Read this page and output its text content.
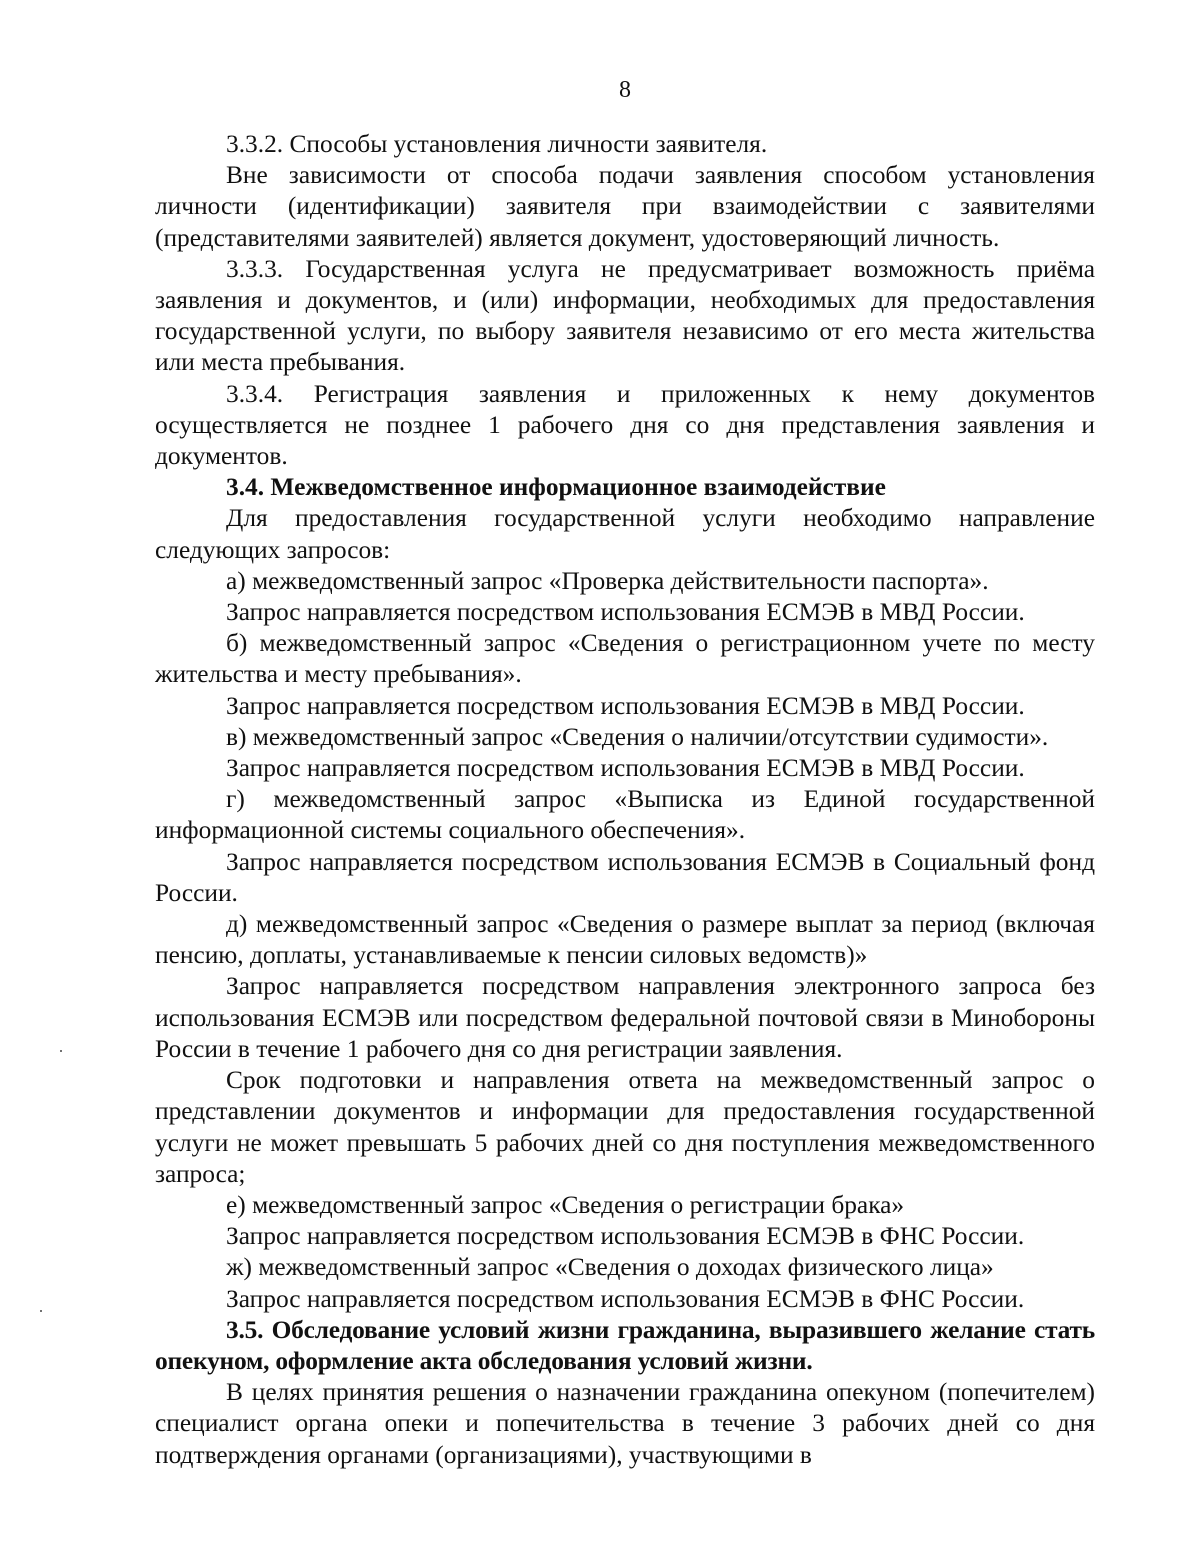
8

3.3.2. Способы установления личности заявителя.

Вне зависимости от способа подачи заявления способом установления личности (идентификации) заявителя при взаимодействии с заявителями (представителями заявителей) является документ, удостоверяющий личность.

3.3.3. Государственная услуга не предусматривает возможность приёма заявления и документов, и (или) информации, необходимых для предоставления государственной услуги, по выбору заявителя независимо от его места жительства или места пребывания.

3.3.4. Регистрация заявления и приложенных к нему документов осуществляется не позднее 1 рабочего дня со дня представления заявления и документов.

3.4. Межведомственное информационное взаимодействие

Для предоставления государственной услуги необходимо направление следующих запросов:

а) межведомственный запрос «Проверка действительности паспорта».

Запрос направляется посредством использования ЕСМЭВ в МВД России.

б) межведомственный запрос «Сведения о регистрационном учете по месту жительства и месту пребывания».

Запрос направляется посредством использования ЕСМЭВ в МВД России.

в) межведомственный запрос «Сведения о наличии/отсутствии судимости».

Запрос направляется посредством использования ЕСМЭВ в МВД России.

г) межведомственный запрос «Выписка из Единой государственной информационной системы социального обеспечения».

Запрос направляется посредством использования ЕСМЭВ в Социальный фонд России.

д) межведомственный запрос «Сведения о размере выплат за период (включая пенсию, доплаты, устанавливаемые к пенсии силовых ведомств)»

Запрос направляется посредством направления электронного запроса без использования ЕСМЭВ или посредством федеральной почтовой связи в Минобороны России в течение 1 рабочего дня со дня регистрации заявления.

Срок подготовки и направления ответа на межведомственный запрос о представлении документов и информации для предоставления государственной услуги не может превышать 5 рабочих дней со дня поступления межведомственного запроса;

е) межведомственный запрос «Сведения о регистрации брака»

Запрос направляется посредством использования ЕСМЭВ в ФНС России.

ж) межведомственный запрос «Сведения о доходах физического лица»

Запрос направляется посредством использования ЕСМЭВ в ФНС России.

3.5. Обследование условий жизни гражданина, выразившего желание стать опекуном, оформление акта обследования условий жизни.

В целях принятия решения о назначении гражданина опекуном (попечителем) специалист органа опеки и попечительства в течение 3 рабочих дней со дня подтверждения органами (организациями), участвующими в
